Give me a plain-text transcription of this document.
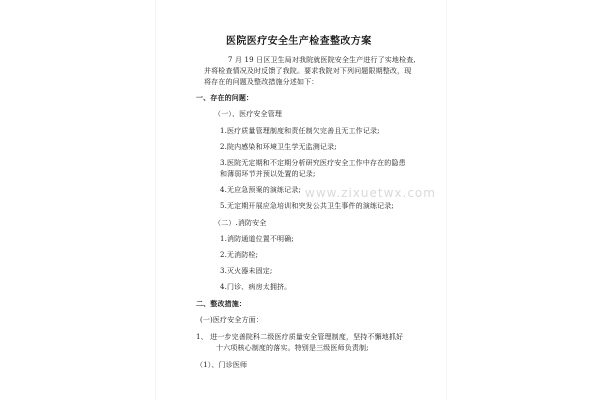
医院医疗安全生产检查整改方案
7 月 19 日区卫生局对我院就医院安全生产进行了实地检查,
并将检查情况及时反馈了我院。要求我院对下列问题限期整改，现
将存在的问题及整改措施分述如下：
一、存在的问题：
（一）、医疗安全管理
1.医疗质量管理制度和责任制欠完善且无工作记录;
2.院内感染和环境卫生学无监测记录;
3.医院无定期和不定期分析研究医疗安全工作中存在的隐患
和薄弱环节并预以处置的记录;
4.无应急预案的演练记录;
5.无定期开展应急培训和突发公共卫生事件的演练记录;
（二）.消防安全
1.消防通道位置不明确;
2.无消防栓;
3.灭火器未固定;
4.门诊、病房太拥挤。
二、整改措施：
(一)医疗安全方面：
1、 进一步完善院科二级医疗质量安全管理制度，坚持不懈地抓好
十六项核心制度的落实。特别是三级医师负责制;
（1）、门诊医师
www.zixuetwx.com
